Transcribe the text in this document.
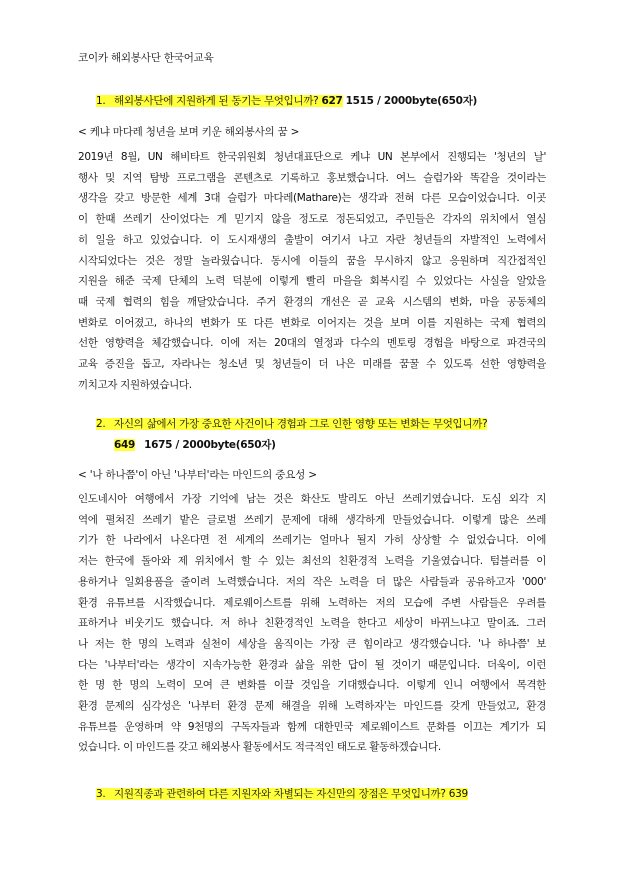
코이카 해외봉사단 한국어교육
1. 해외봉사단에 지원하게 된 동기는 무엇입니까? 627 1515 / 2000byte(650자)
< 케냐 마다레 청년을 보며 키운 해외봉사의 꿈 >
2019년 8월, UN 해비타트 한국위원회 청년대표단으로 케냐 UN 본부에서 진행되는 '청년의 날'
행사 및 지역 탐방 프로그램을 콘텐츠로 기록하고 홍보했습니다. 여느 슬럼가와 똑같을 것이라는
생각을 갖고 방문한 세계 3대 슬럼가 마다레(Mathare)는 생각과 전혀 다른 모습이었습니다. 이곳
이 한때 쓰레기 산이었다는 게 믿기지 않을 정도로 정돈되었고, 주민들은 각자의 위치에서 열심
히 일을 하고 있었습니다. 이 도시재생의 출발이 여기서 나고 자란 청년들의 자발적인 노력에서
시작되었다는 것은 정말 놀라웠습니다. 동시에 이들의 꿈을 무시하지 않고 응원하며 직간접적인
지원을 해준 국제 단체의 노력 덕분에 이렇게 빨리 마을을 회복시킬 수 있었다는 사실을 알았을
때 국제 협력의 힘을 깨달았습니다. 주거 환경의 개선은 곧 교육 시스템의 변화, 마을 공동체의
변화로 이어졌고, 하나의 변화가 또 다른 변화로 이어지는 것을 보며 이를 지원하는 국제 협력의
선한 영향력을 체감했습니다. 이에 저는 20대의 열정과 다수의 멘토링 경험을 바탕으로 파견국의
교육 증진을 돕고, 자라나는 청소년 및 청년들이 더 나은 미래를 꿈꿀 수 있도록 선한 영향력을
끼치고자 지원하였습니다.
2. 자신의 삶에서 가장 중요한 사건이나 경험과 그로 인한 영향 또는 변화는 무엇입니까?
649 1675 / 2000byte(650자)
< '나 하나쯤'이 아닌 '나부터'라는 마인드의 중요성 >
인도네시아 여행에서 가장 기억에 남는 것은 화산도 발리도 아닌 쓰레기였습니다. 도심 외각 지
역에 펼쳐진 쓰레기 밭은 글로벌 쓰레기 문제에 대해 생각하게 만들었습니다. 이렇게 많은 쓰레
기가 한 나라에서 나온다면 전 세계의 쓰레기는 얼마나 될지 가히 상상할 수 없었습니다. 이에
저는 한국에 돌아와 제 위치에서 할 수 있는 최선의 친환경적 노력을 기울였습니다. 텀블러를 이
용하거나 일회용품을 줄이려 노력했습니다. 저의 작은 노력을 더 많은 사람들과 공유하고자 '000'
환경 유튜브를 시작했습니다. 제로웨이스트를 위해 노력하는 저의 모습에 주변 사람들은 우려를
표하거나 비웃기도 했습니다. 저 하나 친환경적인 노력을 한다고 세상이 바뀌느냐고 말이죠. 그러
나 저는 한 명의 노력과 실천이 세상을 움직이는 가장 큰 힘이라고 생각했습니다. '나 하나쯤' 보
다는 '나부터'라는 생각이 지속가능한 환경과 삶을 위한 답이 될 것이기 때문입니다. 더욱이, 이런
한 명 한 명의 노력이 모여 큰 변화를 이끌 것임을 기대했습니다. 이렇게 인니 여행에서 목격한
환경 문제의 심각성은 '나부터 환경 문제 해결을 위해 노력하자'는 마인드를 갖게 만들었고, 환경
유튜브를 운영하며 약 9천명의 구독자들과 함께 대한민국 제로웨이스트 문화를 이끄는 계기가 되
었습니다. 이 마인드를 갖고 해외봉사 활동에서도 적극적인 태도로 활동하겠습니다.
3. 지원직종과 관련하여 다른 지원자와 차별되는 자신만의 장점은 무엇입니까? 639
